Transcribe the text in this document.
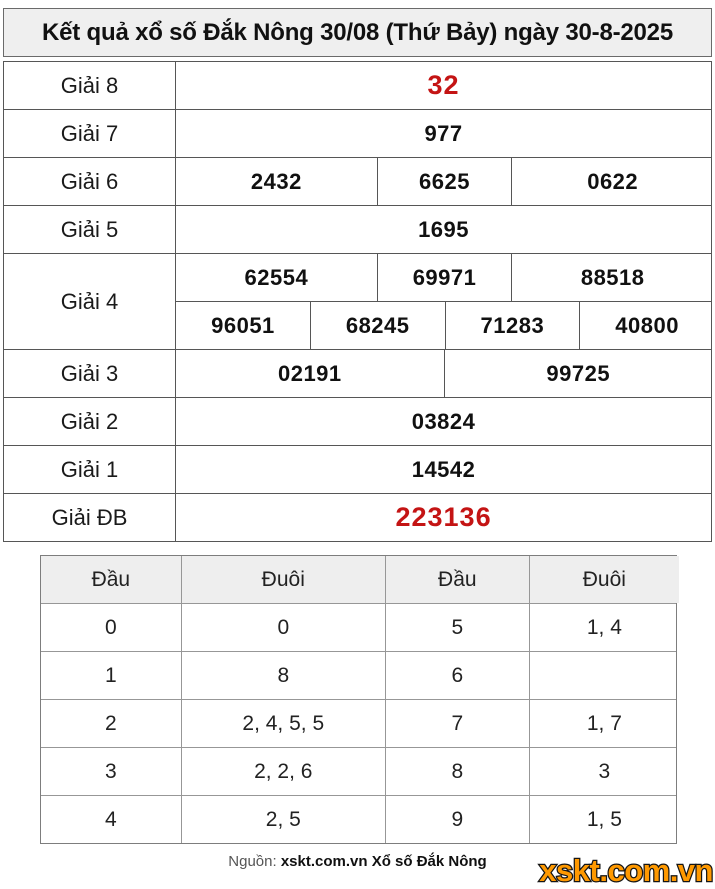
Kết quả xổ số Đắk Nông 30/08 (Thứ Bảy) ngày 30-8-2025
Giải 8	32
Giải 7	977
Giải 6	2432	6625	0622
Giải 5	1695
Giải 4
62554	69971	88518
96051	68245	71283	40800
Giải 3	02191	99725
Giải 2	03824
Giải 1	14542
Giải ĐB	223136
Đầu	Đuôi	Đầu	Đuôi
0	0	5	1, 4
1	8	6
2	2, 4, 5, 5	7	1, 7
3	2, 2, 6	8	3
4	2, 5	9	1, 5
Nguồn: xskt.com.vn Xổ số Đắk Nông	xskt.com.vn
